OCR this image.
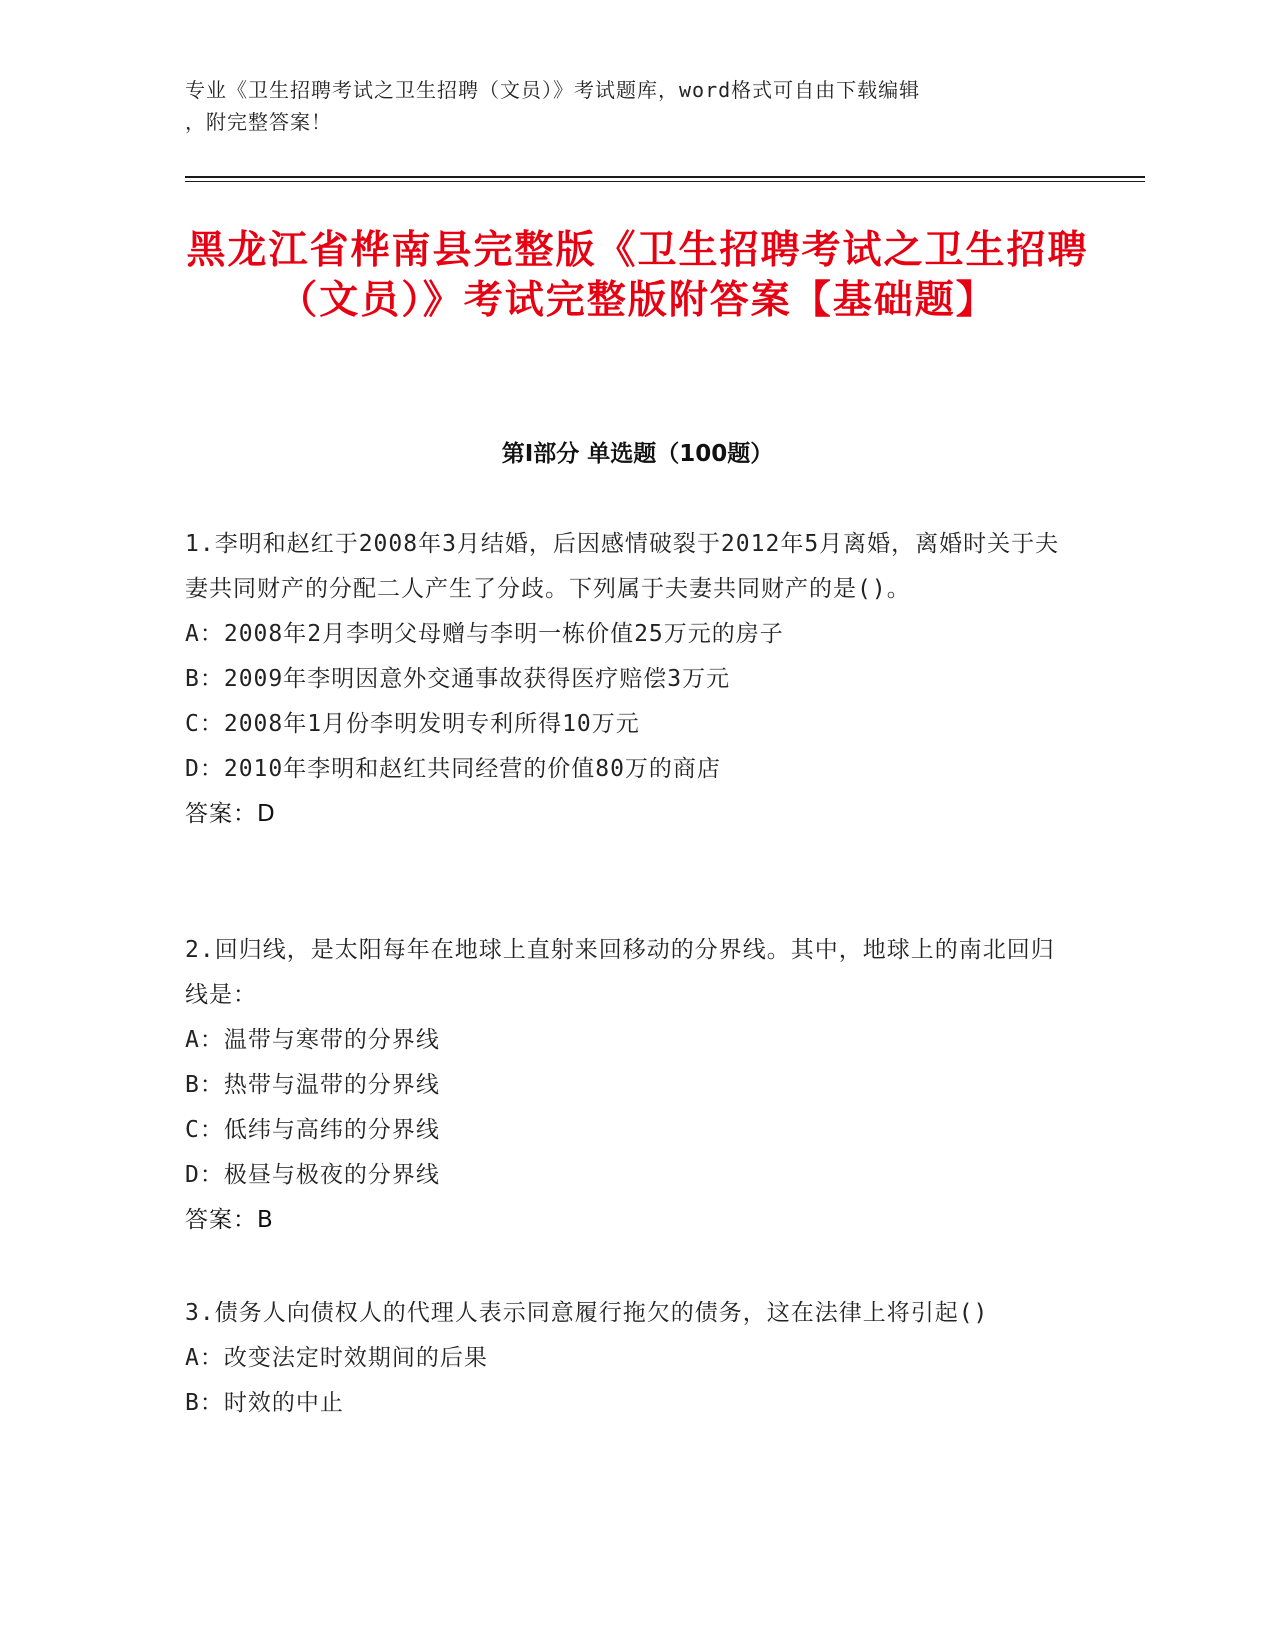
专业《卫生招聘考试之卫生招聘（文员）》考试题库，word格式可自由下载编辑
，附完整答案！
黑龙江省桦南县完整版《卫生招聘考试之卫生招聘（文员）》考试完整版附答案【基础题】
第I部分 单选题（100题）
1.李明和赵红于2008年3月结婚，后因感情破裂于2012年5月离婚，离婚时关于夫妻共同财产的分配二人产生了分歧。下列属于夫妻共同财产的是()。
A：2008年2月李明父母赠与李明一栋价值25万元的房子
B：2009年李明因意外交通事故获得医疗赔偿3万元
C：2008年1月份李明发明专利所得10万元
D：2010年李明和赵红共同经营的价值80万的商店
答案：D
2.回归线，是太阳每年在地球上直射来回移动的分界线。其中，地球上的南北回归线是：
A：温带与寒带的分界线
B：热带与温带的分界线
C：低纬与高纬的分界线
D：极昼与极夜的分界线
答案：B
3.债务人向债权人的代理人表示同意履行拖欠的债务，这在法律上将引起()
A：改变法定时效期间的后果
B：时效的中止
